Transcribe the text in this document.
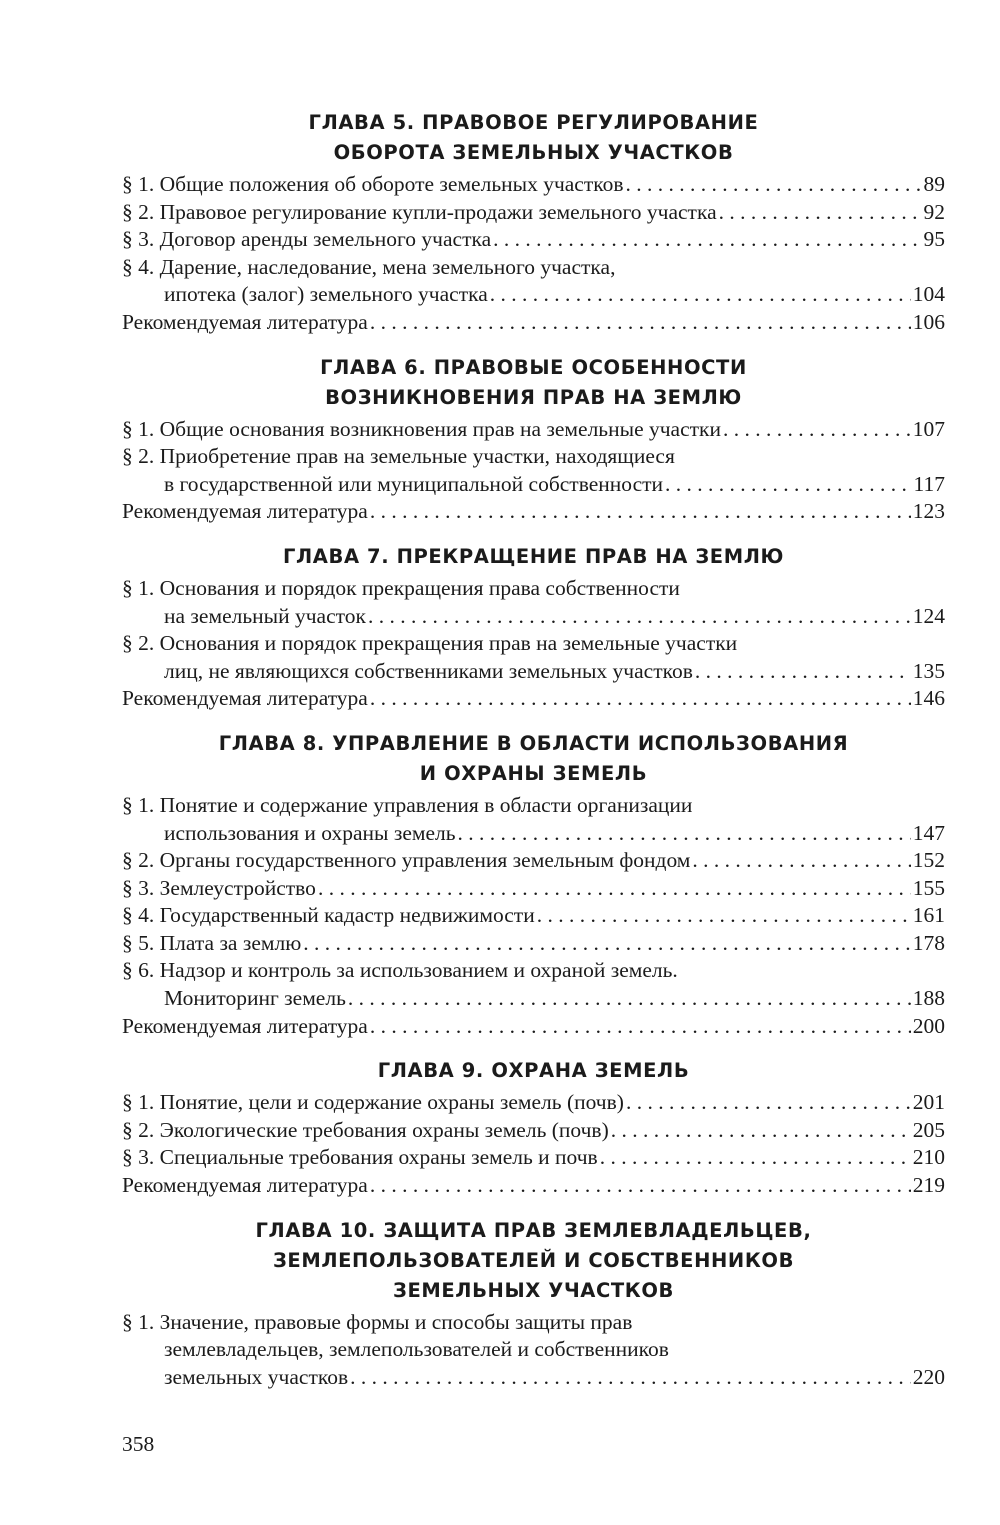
ГЛАВА 5. ПРАВОВОЕ РЕГУЛИРОВАНИЕ
ОБОРОТА ЗЕМЕЛЬНЫХ УЧАСТКОВ
§ 1. Общие положения об обороте земельных участков . . .	89
§ 2. Правовое регулирование купли-продажи земельного участка . . .	92
§ 3. Договор аренды земельного участка . . .	95
§ 4. Дарение, наследование, мена земельного участка,
ипотека (залог) земельного участка . . .	104
Рекомендуемая литература . . .	106
ГЛАВА 6. ПРАВОВЫЕ ОСОБЕННОСТИ
ВОЗНИКНОВЕНИЯ ПРАВ НА ЗЕМЛЮ
§ 1. Общие основания возникновения прав на земельные участки . . .	107
§ 2. Приобретение прав на земельные участки, находящиеся
в государственной или муниципальной собственности . . .	117
Рекомендуемая литература . . .	123
ГЛАВА 7. ПРЕКРАЩЕНИЕ ПРАВ НА ЗЕМЛЮ
§ 1. Основания и порядок прекращения права собственности
на земельный участок . . .	124
§ 2. Основания и порядок прекращения прав на земельные участки
лиц, не являющихся собственниками земельных участков . . .	135
Рекомендуемая литература . . .	146
ГЛАВА 8. УПРАВЛЕНИЕ В ОБЛАСТИ ИСПОЛЬЗОВАНИЯ
И ОХРАНЫ ЗЕМЕЛЬ
§ 1. Понятие и содержание управления в области организации
использования и охраны земель . . .	147
§ 2. Органы государственного управления земельным фондом . . .	152
§ 3. Землеустройство . . .	155
§ 4. Государственный кадастр недвижимости . . .	161
§ 5. Плата за землю . . .	178
§ 6. Надзор и контроль за использованием и охраной земель.
Мониторинг земель . . .	188
Рекомендуемая литература . . .	200
ГЛАВА 9. ОХРАНА ЗЕМЕЛЬ
§ 1. Понятие, цели и содержание охраны земель (почв) . . .	201
§ 2. Экологические требования охраны земель (почв) . . .	205
§ 3. Специальные требования охраны земель и почв . . .	210
Рекомендуемая литература . . .	219
ГЛАВА 10. ЗАЩИТА ПРАВ ЗЕМЛЕВЛАДЕЛЬЦЕВ,
ЗЕМЛЕПОЛЬЗОВАТЕЛЕЙ И СОБСТВЕННИКОВ
ЗЕМЕЛЬНЫХ УЧАСТКОВ
§ 1. Значение, правовые формы и способы защиты прав
землевладельцев, землепользователей и собственников
земельных участков . . .	220
358
